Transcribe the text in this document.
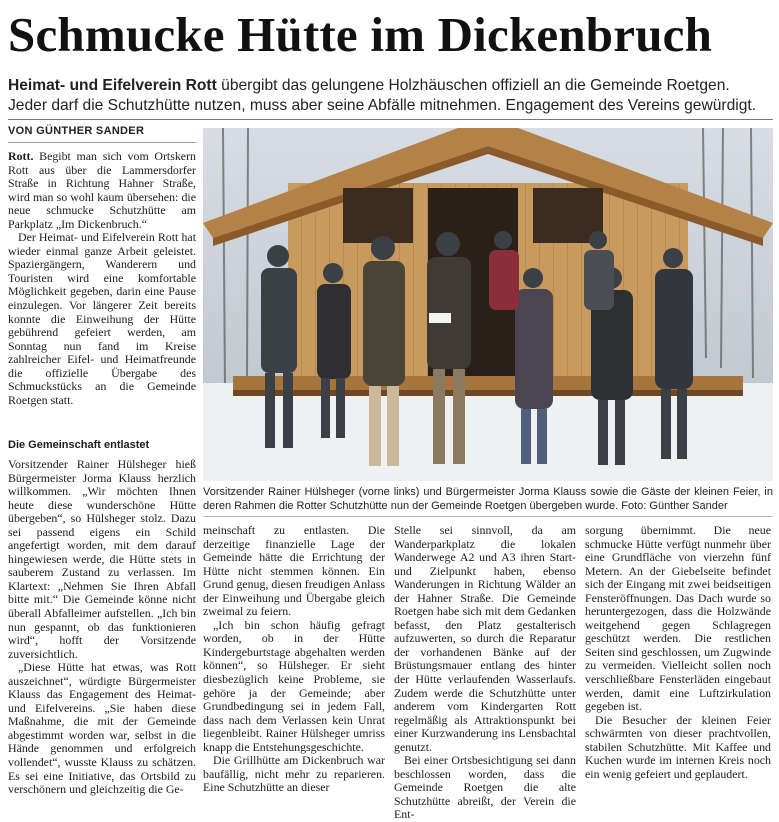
Schmucke Hütte im Dickenbruch
Heimat- und Eifelverein Rott übergibt das gelungene Holzhäuschen offiziell an die Gemeinde Roetgen.
Jeder darf die Schutzhütte nutzen, muss aber seine Abfälle mitnehmen. Engagement des Vereins gewürdigt.
VON GÜNTHER SANDER

Rott. Begibt man sich vom Ortskern Rott aus über die Lammersdorfer Straße in Richtung Hahner Straße, wird man so wohl kaum übersehen: die neue schmucke Schutzhütte am Parkplatz „Im Dickenbruch.“

Der Heimat- und Eifelverein Rott hat wieder einmal ganze Arbeit geleistet. Spaziergängern, Wanderern und Touristen wird eine komfortable Möglichkeit gegeben, darin eine Pause einzulegen. Vor längerer Zeit bereits konnte die Einweihung der Hütte gebührend gefeiert werden, am Sonntag nun fand im Kreise zahlreicher Eifel- und Heimatfreunde die offizielle Übergabe des Schmuckstücks an die Gemeinde Roetgen statt.

Die Gemeinschaft entlastet

Vorsitzender Rainer Hülsheger hieß Bürgermeister Jorma Klauss herzlich willkommen. „Wir möchten Ihnen heute diese wunderschöne Hütte übergeben“, so Hülsheger stolz. Dazu sei passend eigens ein Schild angefertigt worden, mit dem darauf hingewiesen werde, die Hütte stets in sauberem Zustand zu verlassen. Im Klartext: „Nehmen Sie Ihren Abfall bitte mit.“ Die Gemeinde könne nicht überall Abfalleimer aufstellen. „Ich bin nun gespannt, ob das funktionieren wird“, hofft der Vorsitzende zuversichtlich.

„Diese Hütte hat etwas, was Rott auszeichnet“, würdigte Bürgermeister Klauss das Engagement des Heimat- und Eifelvereins. „Sie haben diese Maßnahme, die mit der Gemeinde abgestimmt worden war, selbst in die Hände genommen und erfolgreich vollendet“, wusste Klauss zu schätzen. Es sei eine Initiative, das Ortsbild zu verschönern und gleichzeitig die Ge-

Vorsitzender Rainer Hülsheger (vorne links) und Bürgermeister Jorma Klauss sowie die Gäste der kleinen Feier, in deren Rahmen die Rotter Schutzhütte nun der Gemeinde Roetgen übergeben wurde. Foto: Günther Sander

meinschaft zu entlasten. Die derzeitige finanzielle Lage der Gemeinde hätte die Errichtung der Hütte nicht stemmen können. Ein Grund genug, diesen freudigen Anlass der Einweihung und Übergabe gleich zweimal zu feiern.

„Ich bin schon häufig gefragt worden, ob in der Hütte Kindergeburtstage abgehalten werden können“, so Hülsheger. Er sieht diesbezüglich keine Probleme, sie gehöre ja der Gemeinde; aber Grundbedingung sei in jedem Fall, dass nach dem Verlassen kein Unrat liegenbleibt. Rainer Hülsheger umriss knapp die Entstehungsgeschichte.

Die Grillhütte am Dickenbruch war baufällig, nicht mehr zu reparieren. Eine Schutzhütte an dieser

Stelle sei sinnvoll, da am Wanderparkplatz die lokalen Wanderwege A2 und A3 ihren Start- und Zielpunkt haben, ebenso Wanderungen in Richtung Wälder an der Hahner Straße. Die Gemeinde Roetgen habe sich mit dem Gedanken befasst, den Platz gestalterisch aufzuwerten, so durch die Reparatur der vorhandenen Bänke auf der Brüstungsmauer entlang des hinter der Hütte verlaufenden Wasserlaufs. Zudem werde die Schutzhütte unter anderem vom Kindergarten Rott regelmäßig als Attraktionspunkt bei einer Kurzwanderung ins Lensbachtal genutzt.

Bei einer Ortsbesichtigung sei dann beschlossen worden, dass die Gemeinde Roetgen die alte Schutzhütte abreißt, der Verein die Ent-

sorgung übernimmt. Die neue schmucke Hütte verfügt nunmehr über eine Grundfläche von vierzehn fünf Metern. An der Giebelseite befindet sich der Eingang mit zwei beidseitigen Fensteröffnungen. Das Dach wurde so heruntergezogen, dass die Holzwände weitgehend gegen Schlagregen geschützt werden. Die restlichen Seiten sind geschlossen, um Zugwinde zu vermeiden. Vielleicht sollen noch verschließbare Fensterläden eingebaut werden, damit eine Luftzirkulation gegeben ist.

Die Besucher der kleinen Feier schwärmten von dieser prachtvollen, stabilen Schutzhütte. Mit Kaffee und Kuchen wurde im internen Kreis noch ein wenig gefeiert und geplaudert.
